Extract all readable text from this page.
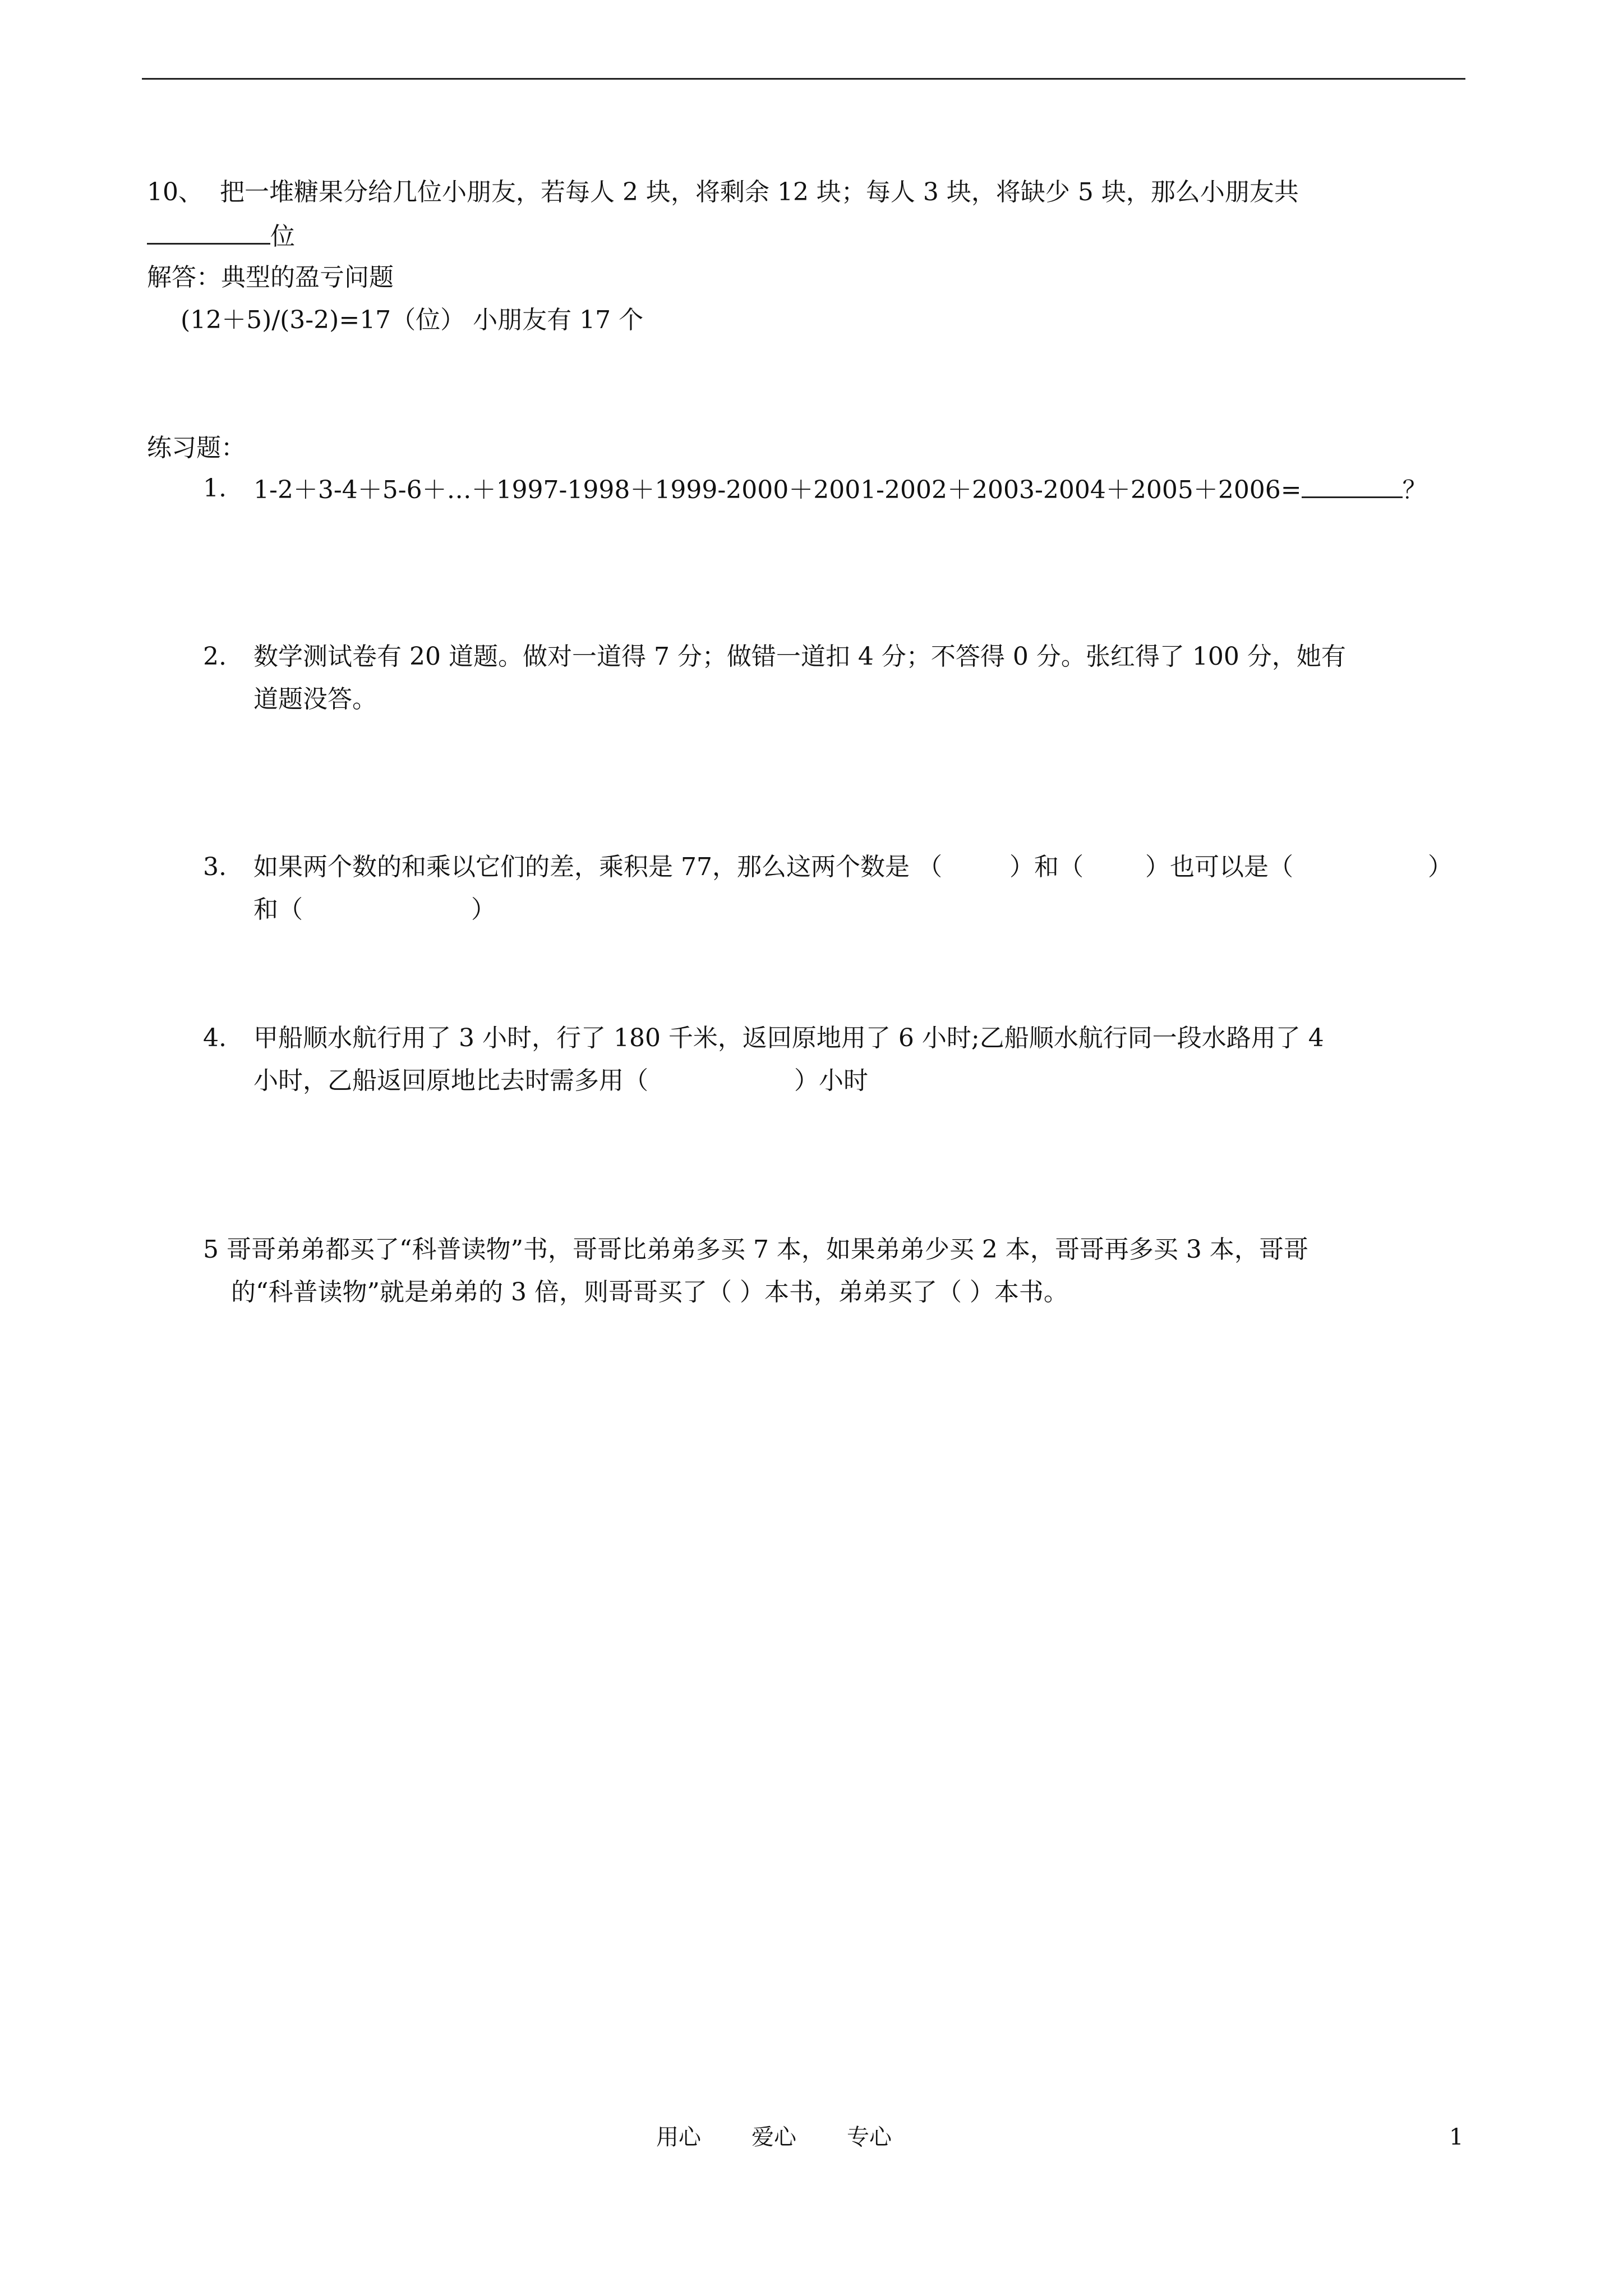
10、 把一堆糖果分给几位小朋友，若每人 2 块，将剩余 12 块；每人 3 块，将缺少 5 块，那么小朋友共
位
解答：典型的盈亏问题
(12＋5)/(3-2)=17（位） 小朋友有 17 个
练习题：
1. 1-2＋3-4＋5-6＋…＋1997-1998＋1999-2000＋2001-2002＋2003-2004＋2005＋2006=	？
2. 数学测试卷有 20 道题。做对一道得 7 分；做错一道扣 4 分；不答得 0 分。张红得了 100 分，她有
道题没答。
3. 如果两个数的和乘以它们的差，乘积是 77，那么这两个数是 （	）和（	）也可以是（	）
和（	）
4. 甲船顺水航行用了 3 小时，行了 180 千米，返回原地用了 6 小时;乙船顺水航行同一段水路用了 4
小时，乙船返回原地比去时需多用（	）小时
5 哥哥弟弟都买了“科普读物”书，哥哥比弟弟多买 7 本，如果弟弟少买 2 本，哥哥再多买 3 本，哥哥
的“科普读物”就是弟弟的 3 倍，则哥哥买了（ ）本书，弟弟买了（ ）本书。
用心 爱心 专心	1
